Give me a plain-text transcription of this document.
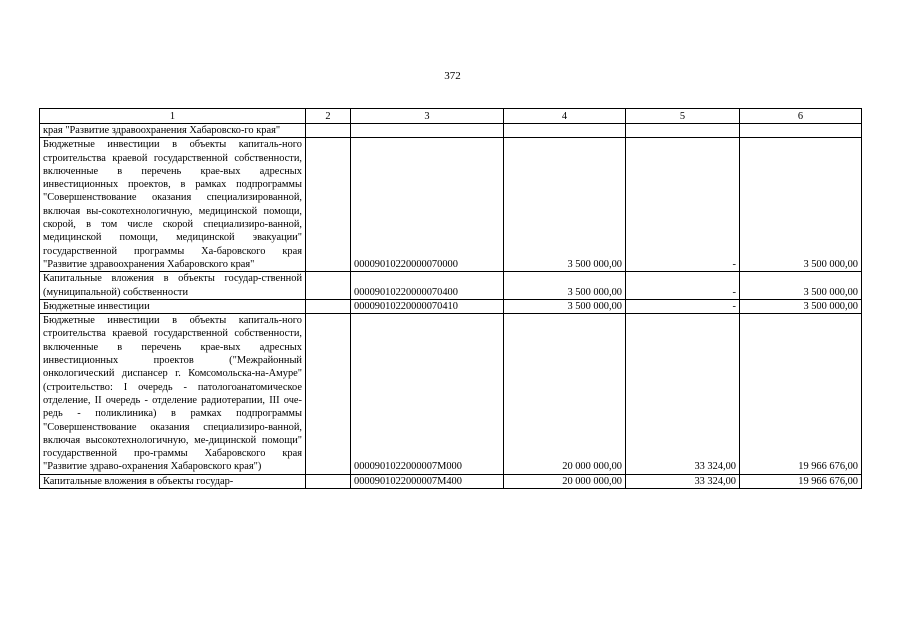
372
1	2	3	4	5	6
края "Развитие здравоохранения Хабаровско-го края"					
Бюджетные инвестиции в объекты капиталь-ного строительства краевой государственной собственности, включенные в перечень крае-вых адресных инвестиционных проектов, в рамках подпрограммы "Совершенствование оказания специализированной, включая вы-сокотехнологичную, медицинской помощи, скорой, в том числе скорой специализиро-ванной, медицинской помощи, медицинской эвакуации" государственной программы Ха-баровского края "Развитие здравоохранения Хабаровского края"		00009010220000070000	3 500 000,00	-	3 500 000,00
Капитальные вложения в объекты государ-ственной (муниципальной) собственности		00009010220000070400	3 500 000,00	-	3 500 000,00
Бюджетные инвестиции		00009010220000070410	3 500 000,00	-	3 500 000,00
Бюджетные инвестиции в объекты капиталь-ного строительства краевой государственной собственности, включенные в перечень крае-вых адресных инвестиционных проектов ("Межрайонный онкологический диспансер г. Комсомольска-на-Амуре" (строительство: I очередь - патологоанатомическое отделение, II очередь - отделение радиотерапии, III оче-редь - поликлиника) в рамках подпрограммы "Совершенствование оказания специализиро-ванной, включая высокотехнологичную, ме-дицинской помощи" государственной про-граммы Хабаровского края "Развитие здраво-охранения Хабаровского края")		0000901022000007М000	20 000 000,00	33 324,00	19 966 676,00
Капитальные вложения в объекты государ-		0000901022000007М400	20 000 000,00	33 324,00	19 966 676,00
